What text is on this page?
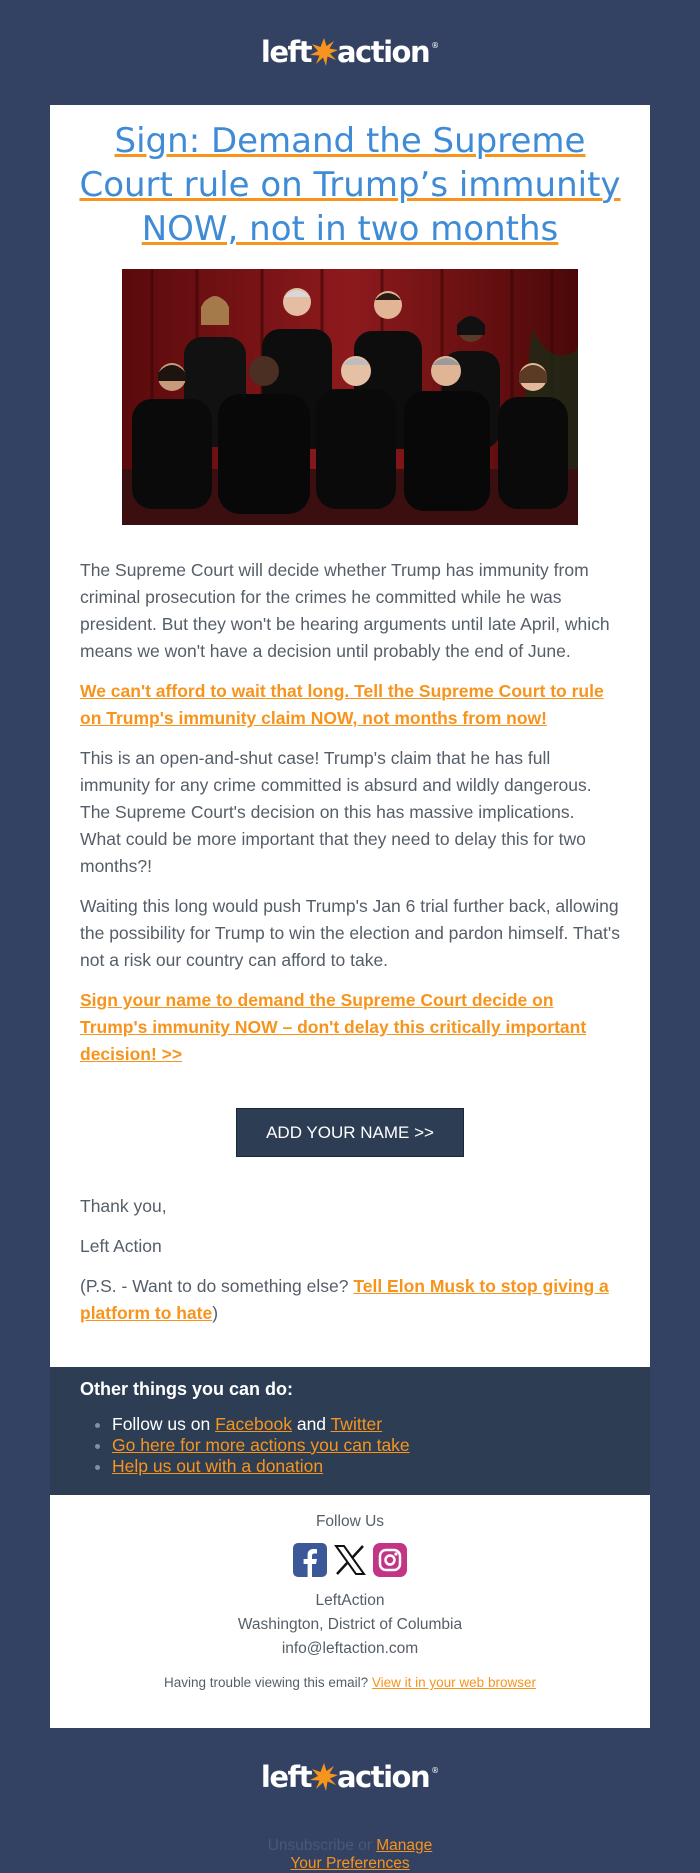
left action ®
Sign: Demand the Supreme Court rule on Trump’s immunity NOW, not in two months

The Supreme Court will decide whether Trump has immunity from criminal prosecution for the crimes he committed while he was president. But they won't be hearing arguments until late April, which means we won't have a decision until probably the end of June.

We can't afford to wait that long. Tell the Supreme Court to rule on Trump's immunity claim NOW, not months from now!

This is an open-and-shut case! Trump's claim that he has full immunity for any crime committed is absurd and wildly dangerous. The Supreme Court's decision on this has massive implications. What could be more important that they need to delay this for two months?!

Waiting this long would push Trump's Jan 6 trial further back, allowing the possibility for Trump to win the election and pardon himself. That's not a risk our country can afford to take.

Sign your name to demand the Supreme Court decide on Trump's immunity NOW – don't delay this critically important decision! >>

ADD YOUR NAME >>

Thank you,

Left Action

(P.S. - Want to do something else? Tell Elon Musk to stop giving a platform to hate)

Other things you can do:
• Follow us on Facebook and Twitter
• Go here for more actions you can take
• Help us out with a donation

Follow Us

LeftAction
Washington, District of Columbia
info@leftaction.com
Having trouble viewing this email? View it in your web browser
left action ®
Unsubscribe or Manage
Your Preferences
